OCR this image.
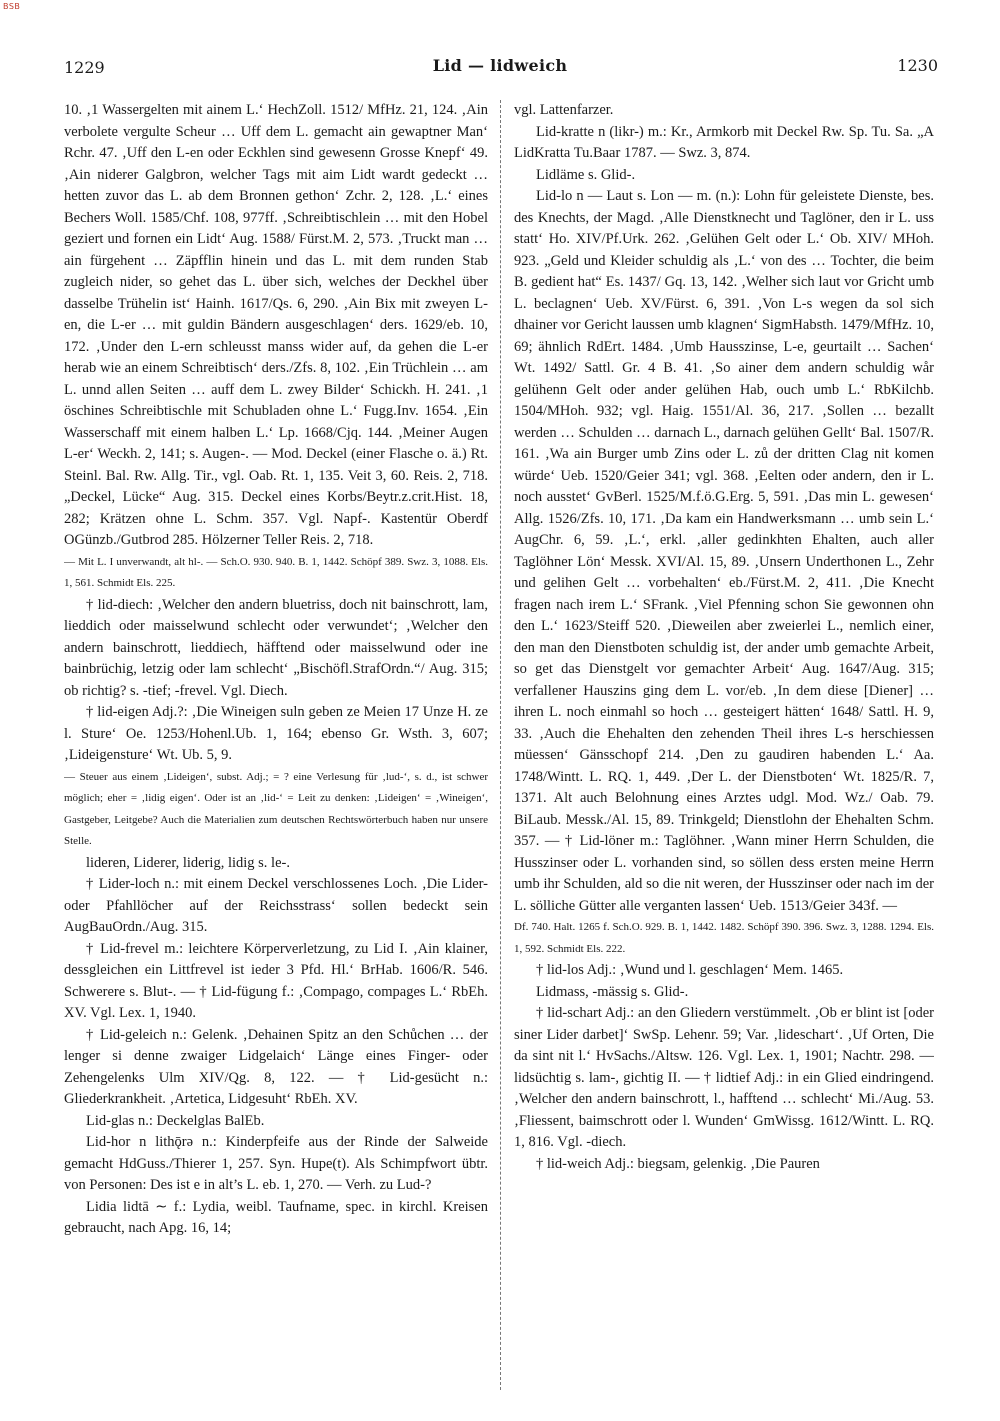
BSB
1229	Lid — lidweich	1230

10. ‚1 Wassergelten mit ainem L.‘ HechZoll. 1512/ MfHz. 21, 124. ‚Ain verbolete vergulte Scheur … Uff dem L. gemacht ain gewaptner Man‘ Rchr. 47. ‚Uff den L-en oder Eckhlen sind gewesenn Grosse Knepf‘ 49. ‚Ain niderer Galgbron, welcher Tags mit aim Lidt wardt gedeckt … hetten zuvor das L. ab dem Bronnen gethon‘ Zchr. 2, 128. ‚L.‘ eines Bechers Woll. 1585/Chf. 108, 977ff. ‚Schreibtischlein … mit den Hobel geziert und fornen ein Lidt‘ Aug. 1588/ Fürst.M. 2, 573. ‚Truckt man … ain fürgehent … Zäpfflin hinein und das L. mit dem runden Stab zugleich nider, so gehet das L. über sich, welches der Deckhel über dasselbe Trühelin ist‘ Hainh. 1617/Qs. 6, 290. ‚Ain Bix mit zweyen L-en, die L-er … mit guldin Bändern ausgeschlagen‘ ders. 1629/eb. 10, 172. ‚Under den L-ern schleusst manss wider auf, da gehen die L-er herab wie an einem Schreibtisch‘ ders./Zfs. 8, 102. ‚Ein Trüchlein … am L. unnd allen Seiten … auff dem L. zwey Bilder‘ Schickh. H. 241. ‚1 öschines Schreibtischle mit Schubladen ohne L.‘ Fugg.Inv. 1654. ‚Ein Wasserschaff mit einem halben L.‘ Lp. 1668/Cjq. 144. ‚Meiner Augen L-er‘ Weckh. 2, 141; s. Augen-. — Mod. Deckel (einer Flasche o. ä.) Rt. Steinl. Bal. Rw. Allg. Tir., vgl. Oab. Rt. 1, 135. Veit 3, 60. Reis. 2, 718. „Deckel, Lücke“ Aug. 315. Deckel eines Korbs/Beytr.z.crit.Hist. 18, 282; Krätzen ohne L. Schm. 357. Vgl. Napf-. Kastentür Oberdf OGünzb./Gutbrod 285. Hölzerner Teller Reis. 2, 718.

— Mit L. I unverwandt, alt hl-. — Sch.O. 930. 940. B. 1, 1442. Schöpf 389. Swz. 3, 1088. Els. 1, 561. Schmidt Els. 225.

† lid-diech: ‚Welcher den andern bluetriss, doch nit bainschrott, lam, lieddich oder maisselwund schlecht oder verwundet‘; ‚Welcher den andern bainschrott, lieddiech, häfftend oder maisselwund oder ine bainbrüchig, letzig oder lam schlecht‘ „Bischöfl.StrafOrdn.“/ Aug. 315; ob richtig? s. -tief; -frevel. Vgl. Diech.

† lid-eigen Adj.?: ‚Die Wineigen suln geben ze Meien 17 Unze H. ze l. Sture‘ Oe. 1253/Hohenl.Ub. 1, 164; ebenso Gr. Wsth. 3, 607; ‚Lideigensture‘ Wt. Ub. 5, 9.

— Steuer aus einem ‚Lideigen‘, subst. Adj.; = ? eine Verlesung für ‚lud-‘, s. d., ist schwer möglich; eher = ‚lidig eigen‘. Oder ist an ‚lid-‘ = Leit zu denken: ‚Lideigen‘ = ‚Wineigen‘, Gastgeber, Leitgebe? Auch die Materialien zum deutschen Rechtswörterbuch haben nur unsere Stelle.

lideren, Liderer, liderig, lidig s. le-.

† Lider-loch n.: mit einem Deckel verschlossenes Loch. ‚Die Lider- oder Pfahllöcher auf der Reichsstrass‘ sollen bedeckt sein AugBauOrdn./Aug. 315.

† Lid-frevel m.: leichtere Körperverletzung, zu Lid I. ‚Ain klainer, dessgleichen ein Littfrevel ist ieder 3 Pfd. Hl.‘ BrHab. 1606/R. 546. Schwerere s. Blut-. — † Lid-fügung f.: ‚Compago, compages L.‘ RbEh. XV. Vgl. Lex. 1, 1940.

† Lid-geleich n.: Gelenk. ‚Dehainen Spitz an den Schůchen … der lenger si denne zwaiger Lidgelaich‘ Länge eines Finger- oder Zehengelenks Ulm XIV/Qg. 8, 122. — † Lid-gesücht n.: Gliederkrankheit. ‚Artetica, Lidgesuht‘ RbEh. XV.

Lid-glas n.: Deckelglas BalEb.

Lid-hor n lithǭrə n.: Kinderpfeife aus der Rinde der Salweide gemacht HdGuss./Thierer 1, 257. Syn. Hupe(t). Als Schimpfwort übtr. von Personen: Des ist e in alt’s L. eb. 1, 270. — Verh. zu Lud-?

Lidia lidtā ∼ f.: Lydia, weibl. Taufname, spec. in kirchl. Kreisen gebraucht, nach Apg. 16, 14;

vgl. Lattenfarzer.

Lid-kratte n (likr-) m.: Kr., Armkorb mit Deckel Rw. Sp. Tu. Sa. „A LidKratta Tu.Baar 1787. — Swz. 3, 874.

Lidläme s. Glid-.

Lid-lo n — Laut s. Lon — m. (n.): Lohn für geleistete Dienste, bes. des Knechts, der Magd. ‚Alle Dienstknecht und Taglöner, den ir L. uss statt‘ Ho. XIV/Pf.Urk. 262. ‚Gelühen Gelt oder L.‘ Ob. XIV/ MHoh. 923. „Geld und Kleider schuldig als ‚L.‘ von des … Tochter, die beim B. gedient hat“ Es. 1437/ Gq. 13, 142. ‚Welher sich laut vor Gricht umb L. beclagnen‘ Ueb. XV/Fürst. 6, 391. ‚Von L-s wegen da sol sich dhainer vor Gericht laussen umb klagnen‘ SigmHabsth. 1479/MfHz. 10, 69; ähnlich RdErt. 1484. ‚Umb Hausszinse, L-e, geurtailt … Sachen‘ Wt. 1492/ Sattl. Gr. 4 B. 41. ‚So ainer dem andern schuldig wår gelühenn Gelt oder ander gelühen Hab, ouch umb L.‘ RbKilchb. 1504/MHoh. 932; vgl. Haig. 1551/Al. 36, 217. ‚Sollen … bezallt werden … Schulden … darnach L., darnach gelühen Gellt‘ Bal. 1507/R. 161. ‚Wa ain Burger umb Zins oder L. zů der dritten Clag nit komen würde‘ Ueb. 1520/Geier 341; vgl. 368. ‚Eelten oder andern, den ir L. noch ausstet‘ GvBerl. 1525/M.f.ö.G.Erg. 5, 591. ‚Das min L. gewesen‘ Allg. 1526/Zfs. 10, 171. ‚Da kam ein Handwerksmann … umb sein L.‘ AugChr. 6, 59. ‚L.‘, erkl. ‚aller gedinkhten Ehalten, auch aller Taglöhner Lön‘ Messk. XVI/Al. 15, 89. ‚Unsern Underthonen L., Zehr und gelihen Gelt … vorbehalten‘ eb./Fürst.M. 2, 411. ‚Die Knecht fragen nach irem L.‘ SFrank. ‚Viel Pfenning schon Sie gewonnen ohn den L.‘ 1623/Steiff 520. ‚Dieweilen aber zweierlei L., nemlich einer, den man den Dienstboten schuldig ist, der ander umb gemachte Arbeit, so get das Dienstgelt vor gemachter Arbeit‘ Aug. 1647/Aug. 315; verfallener Hauszins ging dem L. vor/eb. ‚In dem diese [Diener] … ihren L. noch einmahl so hoch … gesteigert hätten‘ 1648/ Sattl. H. 9, 33. ‚Auch die Ehehalten den zehenden Theil ihres L-s herschiessen müessen‘ Gänsschopf 214. ‚Den zu gaudiren habenden L.‘ Aa. 1748/Wintt. L. RQ. 1, 449. ‚Der L. der Dienstboten‘ Wt. 1825/R. 7, 1371. Alt auch Belohnung eines Arztes udgl. Mod. Wz./ Oab. 79. BiLaub. Messk./Al. 15, 89. Trinkgeld; Dienstlohn der Ehehalten Schm. 357. — † Lid-löner m.: Taglöhner. ‚Wann miner Herrn Schulden, die Husszinser oder L. vorhanden sind, so söllen dess ersten meine Herrn umb ihr Schulden, ald so die nit weren, der Husszinser oder nach im der L. sölliche Gütter alle verganten lassen‘ Ueb. 1513/Geier 343f. —

Df. 740. Halt. 1265 f. Sch.O. 929. B. 1, 1442. 1482. Schöpf 390. 396. Swz. 3, 1288. 1294. Els. 1, 592. Schmidt Els. 222.

† lid-los Adj.: ‚Wund und l. geschlagen‘ Mem. 1465.

Lidmass, -mässig s. Glid-.

† lid-schart Adj.: an den Gliedern verstümmelt. ‚Ob er blint ist [oder siner Lider darbet]‘ SwSp. Lehenr. 59; Var. ‚lideschart‘. ‚Uf Orten, Die da sint nit l.‘ HvSachs./Altsw. 126. Vgl. Lex. 1, 1901; Nachtr. 298. — lidsüchtig s. lam-, gichtig II. — † lidtief Adj.: in ein Glied eindringend. ‚Welcher den andern bainschrott, l., hafftend … schlecht‘ Mi./Aug. 53. ‚Fliessent, baimschrott oder l. Wunden‘ GmWissg. 1612/Wintt. L. RQ. 1, 816. Vgl. -diech.

† lid-weich Adj.: biegsam, gelenkig. ‚Die Pauren
